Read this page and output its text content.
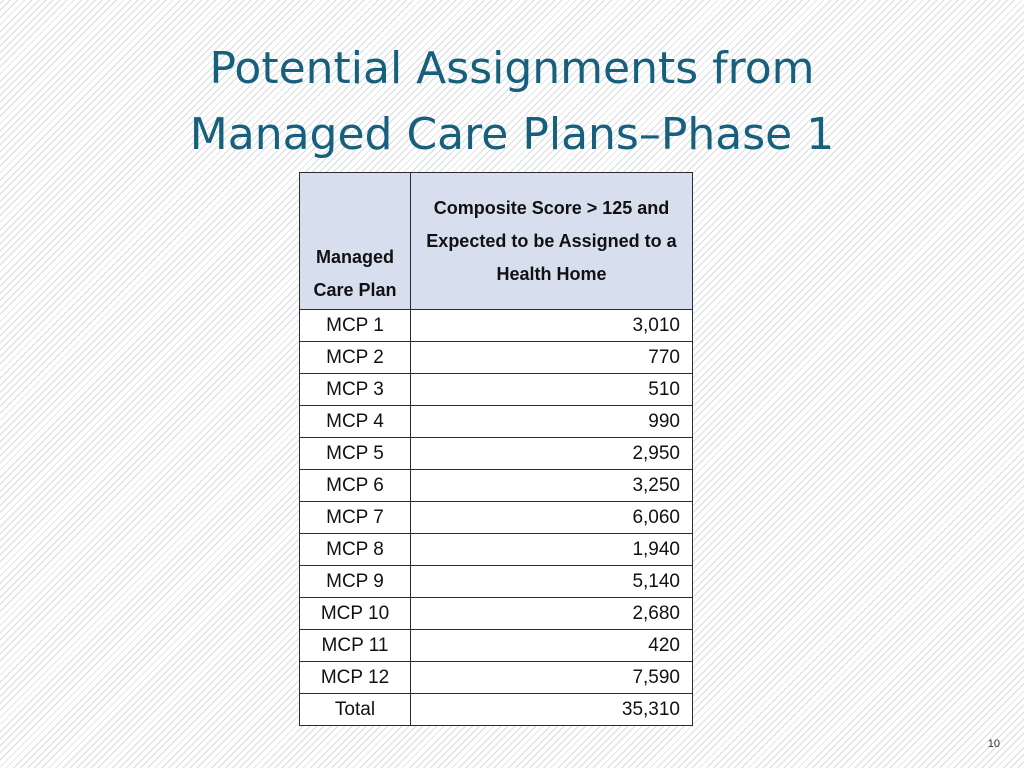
Potential Assignments from
Managed Care Plans–Phase 1
Managed Care Plan	Composite Score > 125 and Expected to be Assigned to a Health Home
MCP 1	3,010
MCP 2	770
MCP 3	510
MCP 4	990
MCP 5	2,950
MCP 6	3,250
MCP 7	6,060
MCP 8	1,940
MCP 9	5,140
MCP 10	2,680
MCP 11	420
MCP 12	7,590
Total	35,310
10
